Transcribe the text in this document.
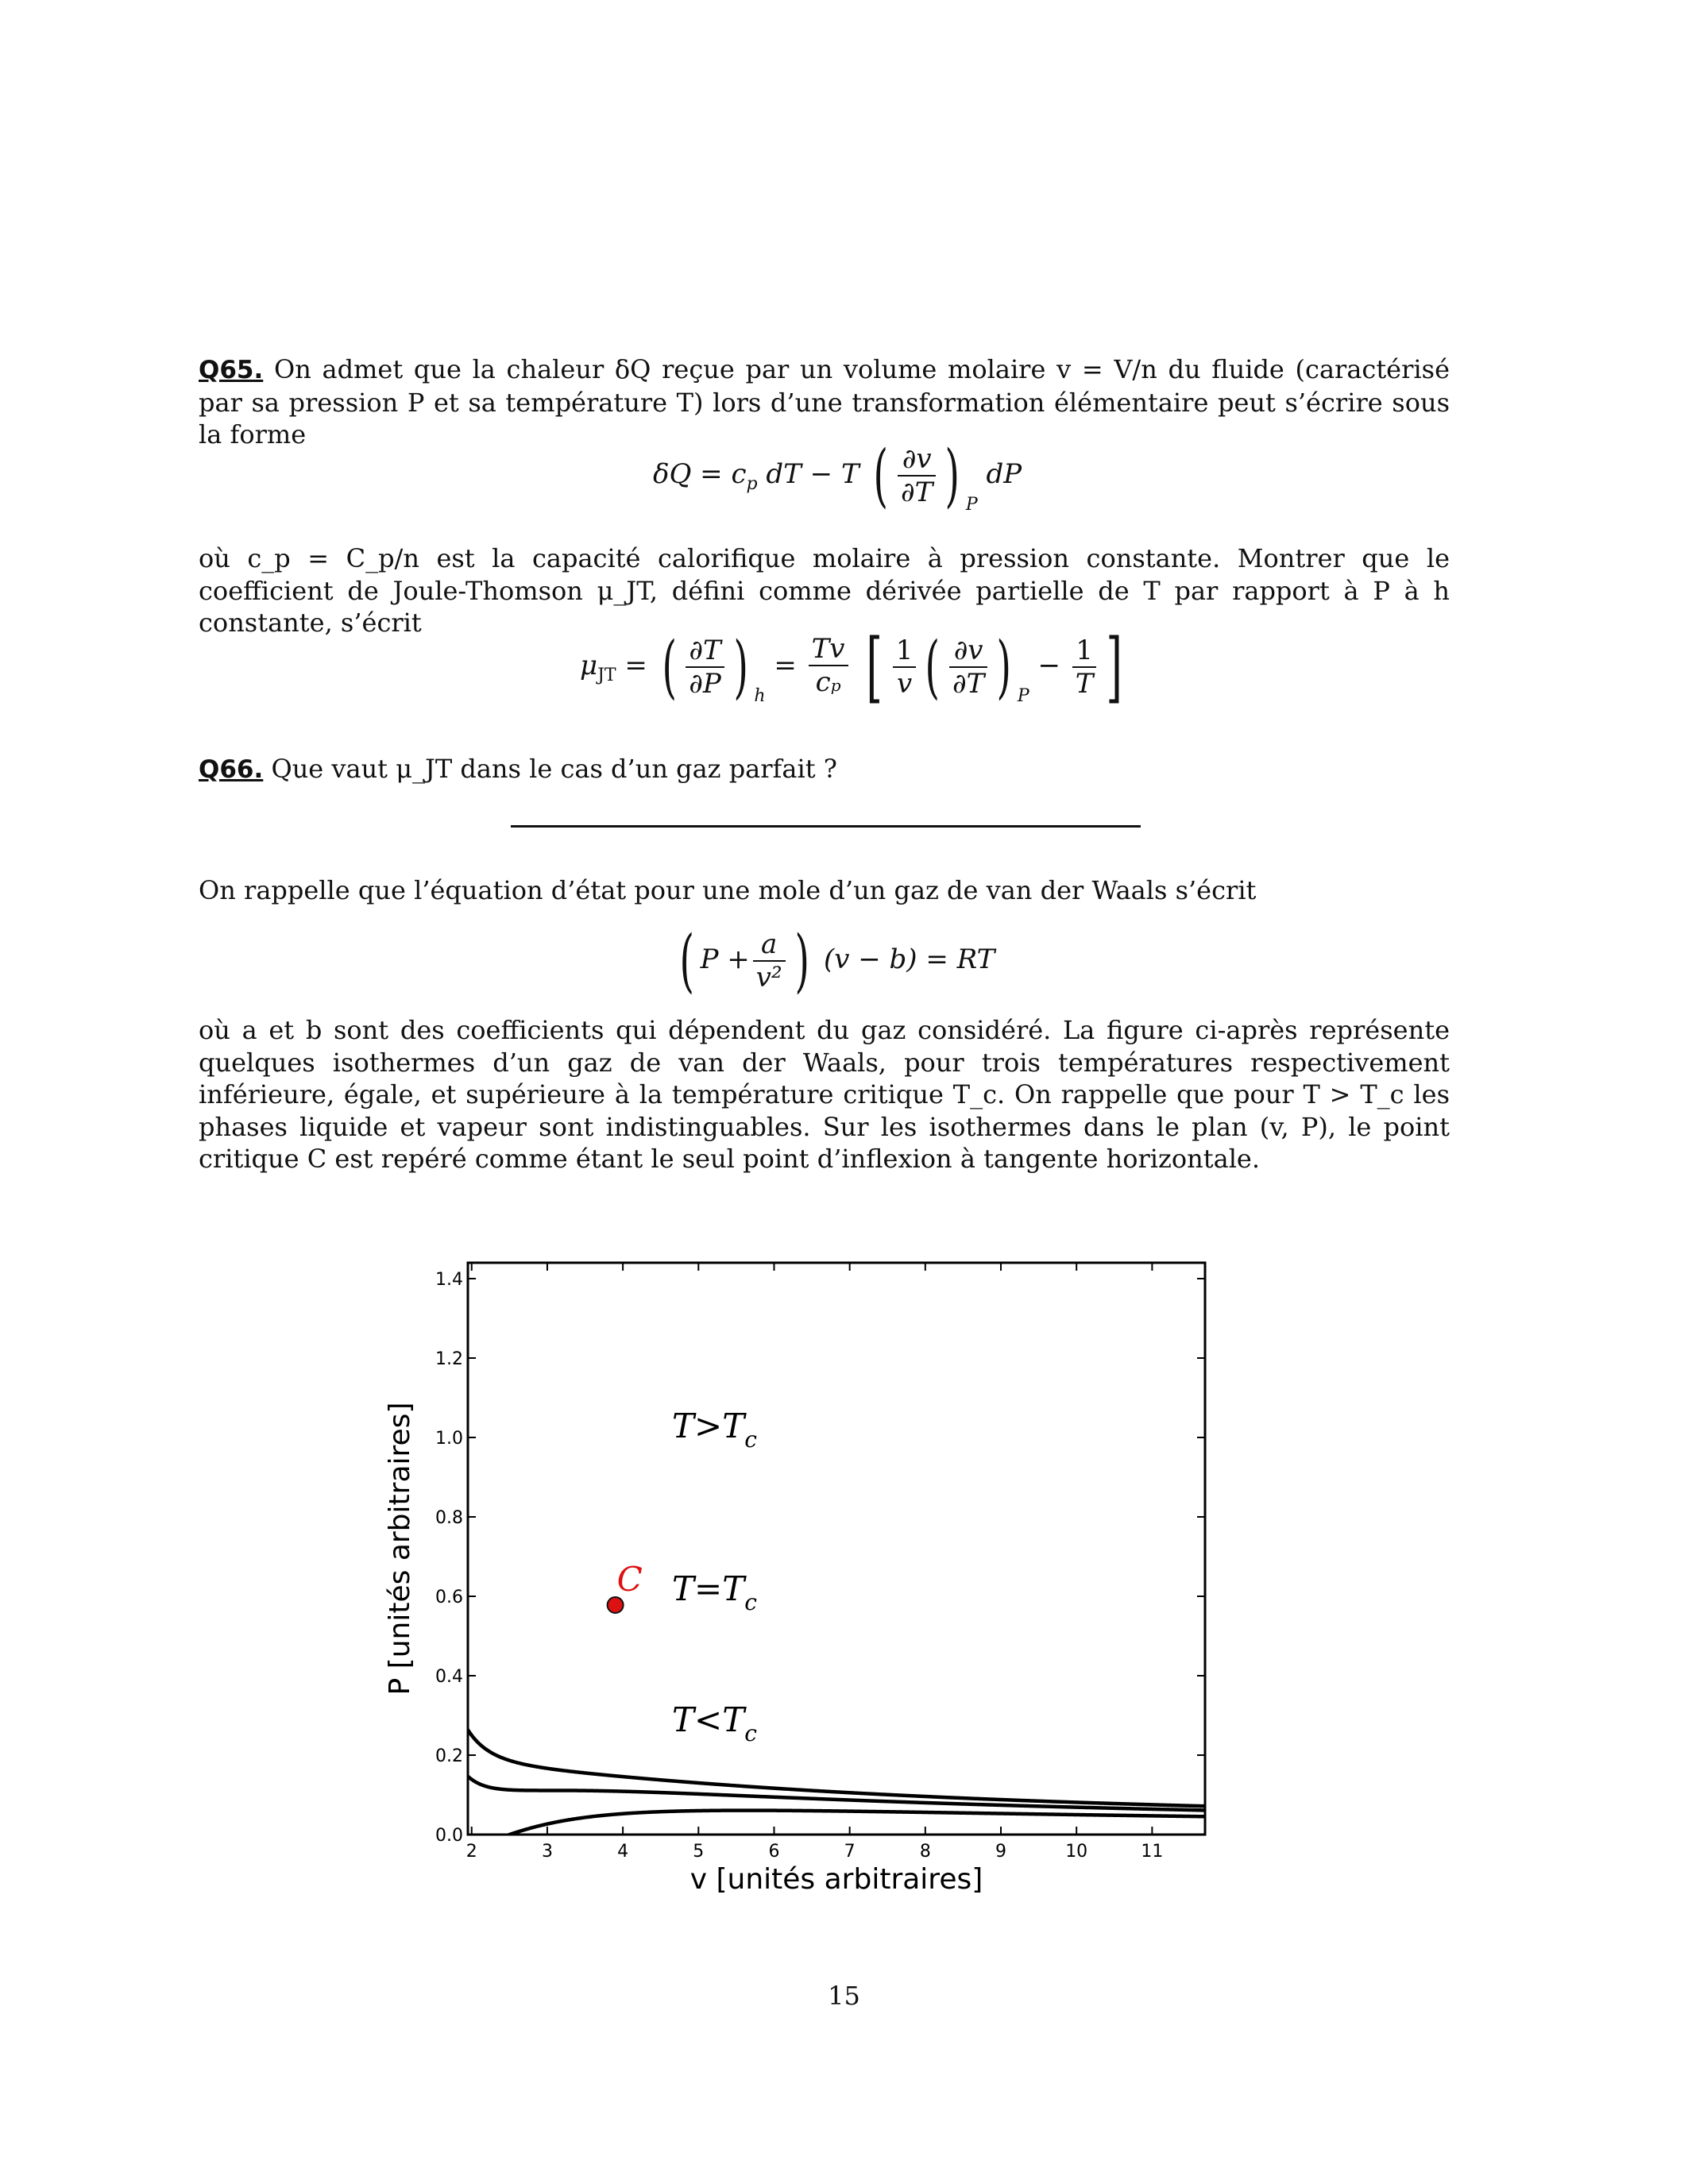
Q65. On admet que la chaleur δQ reçue par un volume molaire v = V/n du fluide (caractérisé par sa pression P et sa température T) lors d’une transformation élémentaire peut s’écrire sous la forme
$\delta Q = c_p$ dT − T ( $\frac{\partial v}{\partial T}$ ) $_P$ dP
où c_p = C_p/n est la capacité calorifique molaire à pression constante. Montrer que le coefficient de Joule-Thomson μ_JT, défini comme dérivée partielle de T par rapport à P à h constante, s’écrit
$\mu_{JT}$ = ( $\frac{\partial T}{\partial P}$ ) $_h = \frac{Tv}{cp}$ [ $\frac{1}{v}$ ( $\frac{\partial v}{\partial T}$ ) $_P - \frac{1}{T}$ ]
Q66. Que vaut μ_JT dans le cas d’un gaz parfait ?
On rappelle que l’équation d’état pour une mole d’un gaz de van der Waals s’écrit
( $P + \frac{a}{\text{v²}}$ ) (v − b) = RT
où a et b sont des coefficients qui dépendent du gaz considéré. La figure ci-après représente quelques isothermes d’un gaz de van der Waals, pour trois températures respectivement inférieure, égale, et supérieure à la température critique T_c. On rappelle que pour T > T_c les phases liquide et vapeur sont indistinguables. Sur les isothermes dans le plan (v, P), le point critique C est repéré comme étant le seul point d’inflexion à tangente horizontale.
2	3	4	5	6	7	8	9	10	11
0.0
0.2
0.4
0.6
0.8
1.0
1.2
1.4
$T>T_c$
$T=T_c$
$T<T_c$
C
v [unités arbitraires]
P [unités arbitraires]
15
